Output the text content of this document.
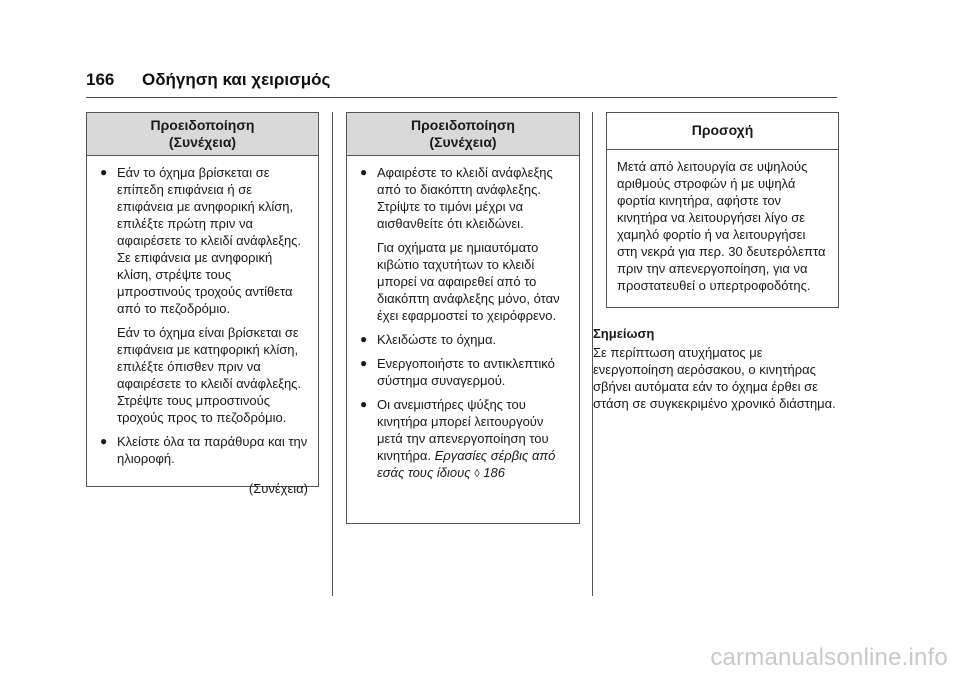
166 Οδήγηση και χειρισμός
Προειδοποίηση
(Συνέχεια)
● Εάν το όχημα βρίσκεται σε επίπεδη επιφάνεια ή σε επιφάνεια με ανηφορική κλίση, επιλέξτε πρώτη πριν να αφαιρέσετε το κλειδί ανάφλεξης. Σε επιφάνεια με ανηφορική κλίση, στρέψτε τους μπροστινούς τροχούς αντίθετα από το πεζοδρόμιο.

Εάν το όχημα είναι βρίσκεται σε επιφάνεια με κατηφορική κλίση, επιλέξτε όπισθεν πριν να αφαιρέσετε το κλειδί ανάφλεξης. Στρέψτε τους μπροστινούς τροχούς προς το πεζοδρόμιο.

● Κλείστε όλα τα παράθυρα και την ηλιοροφή.
(Συνέχεια)
Προειδοποίηση
(Συνέχεια)
● Αφαιρέστε το κλειδί ανάφλεξης από το διακόπτη ανάφλεξης. Στρίψτε το τιμόνι μέχρι να αισθανθείτε ότι κλειδώνει.

Για οχήματα με ημιαυτόματο κιβώτιο ταχυτήτων το κλειδί μπορεί να αφαιρεθεί από το διακόπτη ανάφλεξης μόνο, όταν έχει εφαρμοστεί το χειρόφρενο.

● Κλειδώστε το όχημα.
● Ενεργοποιήστε το αντικλεπτικό σύστημα συναγερμού.
● Οι ανεμιστήρες ψύξης του κινητήρα μπορεί λειτουργούν μετά την απενεργοποίηση του κινητήρα. Εργασίες σέρβις από εσάς τους ίδιους ◊ 186
Προσοχή

Μετά από λειτουργία σε υψηλούς αριθμούς στροφών ή με υψηλά φορτία κινητήρα, αφήστε τον κινητήρα να λειτουργήσει λίγο σε χαμηλό φορτίο ή να λειτουργήσει στη νεκρά για περ. 30 δευτερόλεπτα πριν την απενεργοποίηση, για να προστατευθεί ο υπερτροφοδότης.

Σημείωση
Σε περίπτωση ατυχήματος με ενεργοποίηση αερόσακου, ο κινητήρας σβήνει αυτόματα εάν το όχημα έρθει σε στάση σε συγκεκριμένο χρονικό διάστημα.
carmanualsonline.info
